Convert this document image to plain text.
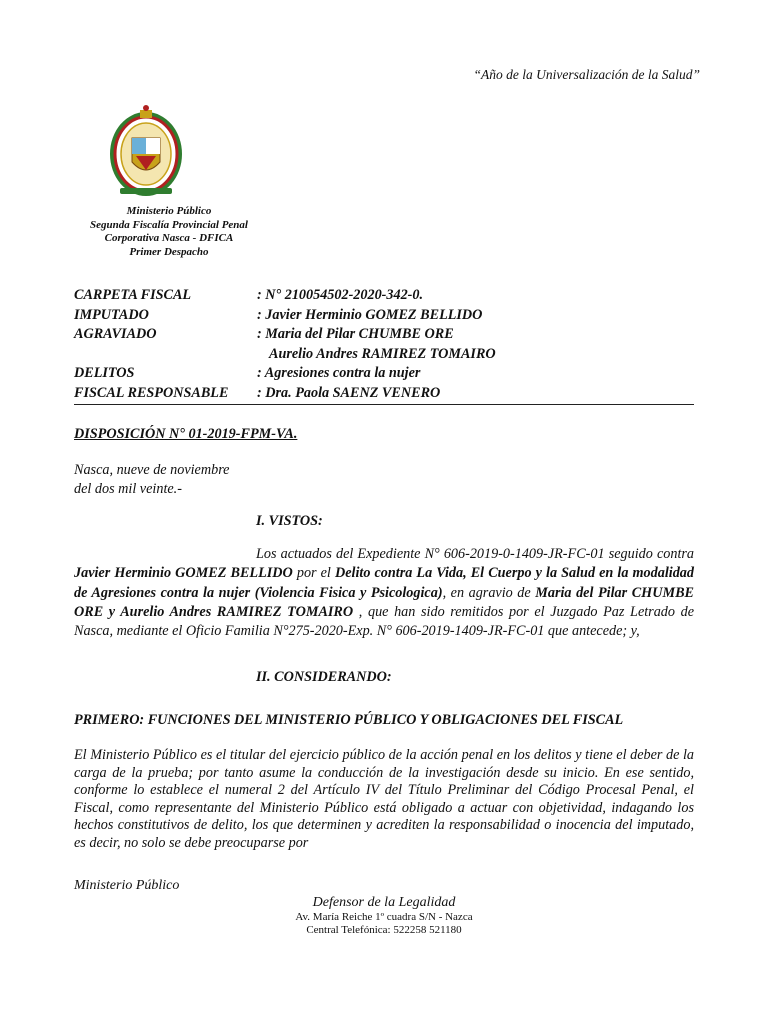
“Año de la Universalización de la Salud”
Ministerio Público
Segunda Fiscalía Provincial Penal
Corporativa Nasca - DFICA
Primer Despacho
CARPETA FISCAL	: N° 210054502-2020-342-0.
IMPUTADO	: Javier Herminio GOMEZ BELLIDO
AGRAVIADO	: Maria del Pilar CHUMBE ORE
Aurelio Andres RAMIREZ TOMAIRO
DELITOS	: Agresiones contra la nujer
FISCAL RESPONSABLE	: Dra. Paola SAENZ VENERO
DISPOSICIÓN N° 01-2019-FPM-VA.
Nasca, nueve de noviembre
del dos mil veinte.-
I. VISTOS:
Los actuados del Expediente N° 606-2019-0-1409-JR-FC-01 seguido contra Javier Herminio GOMEZ BELLIDO por el Delito contra La Vida, El Cuerpo y la Salud en la modalidad de Agresiones contra la nujer (Violencia Fisica y Psicologica), en agravio de Maria del Pilar CHUMBE ORE y Aurelio Andres RAMIREZ TOMAIRO , que han sido remitidos por el Juzgado Paz Letrado de Nasca, mediante el Oficio Familia N°275-2020-Exp. N° 606-2019-1409-JR-FC-01 que antecede; y,
II. CONSIDERANDO:
PRIMERO: FUNCIONES DEL MINISTERIO PÚBLICO Y OBLIGACIONES DEL FISCAL
El Ministerio Público es el titular del ejercicio público de la acción penal en los delitos y tiene el deber de la carga de la prueba; por tanto asume la conducción de la investigación desde su inicio. En ese sentido, conforme lo establece el numeral 2 del Artículo IV del Título Preliminar del Código Procesal Penal, el Fiscal, como representante del Ministerio Público está obligado a actuar con objetividad, indagando los hechos constitutivos de delito, los que determinen y acrediten la responsabilidad o inocencia del imputado, es decir, no solo se debe preocuparse por
Ministerio Público
Defensor de la Legalidad
Av. María Reiche 1º cuadra S/N - Nazca
Central Telefónica: 522258 521180
